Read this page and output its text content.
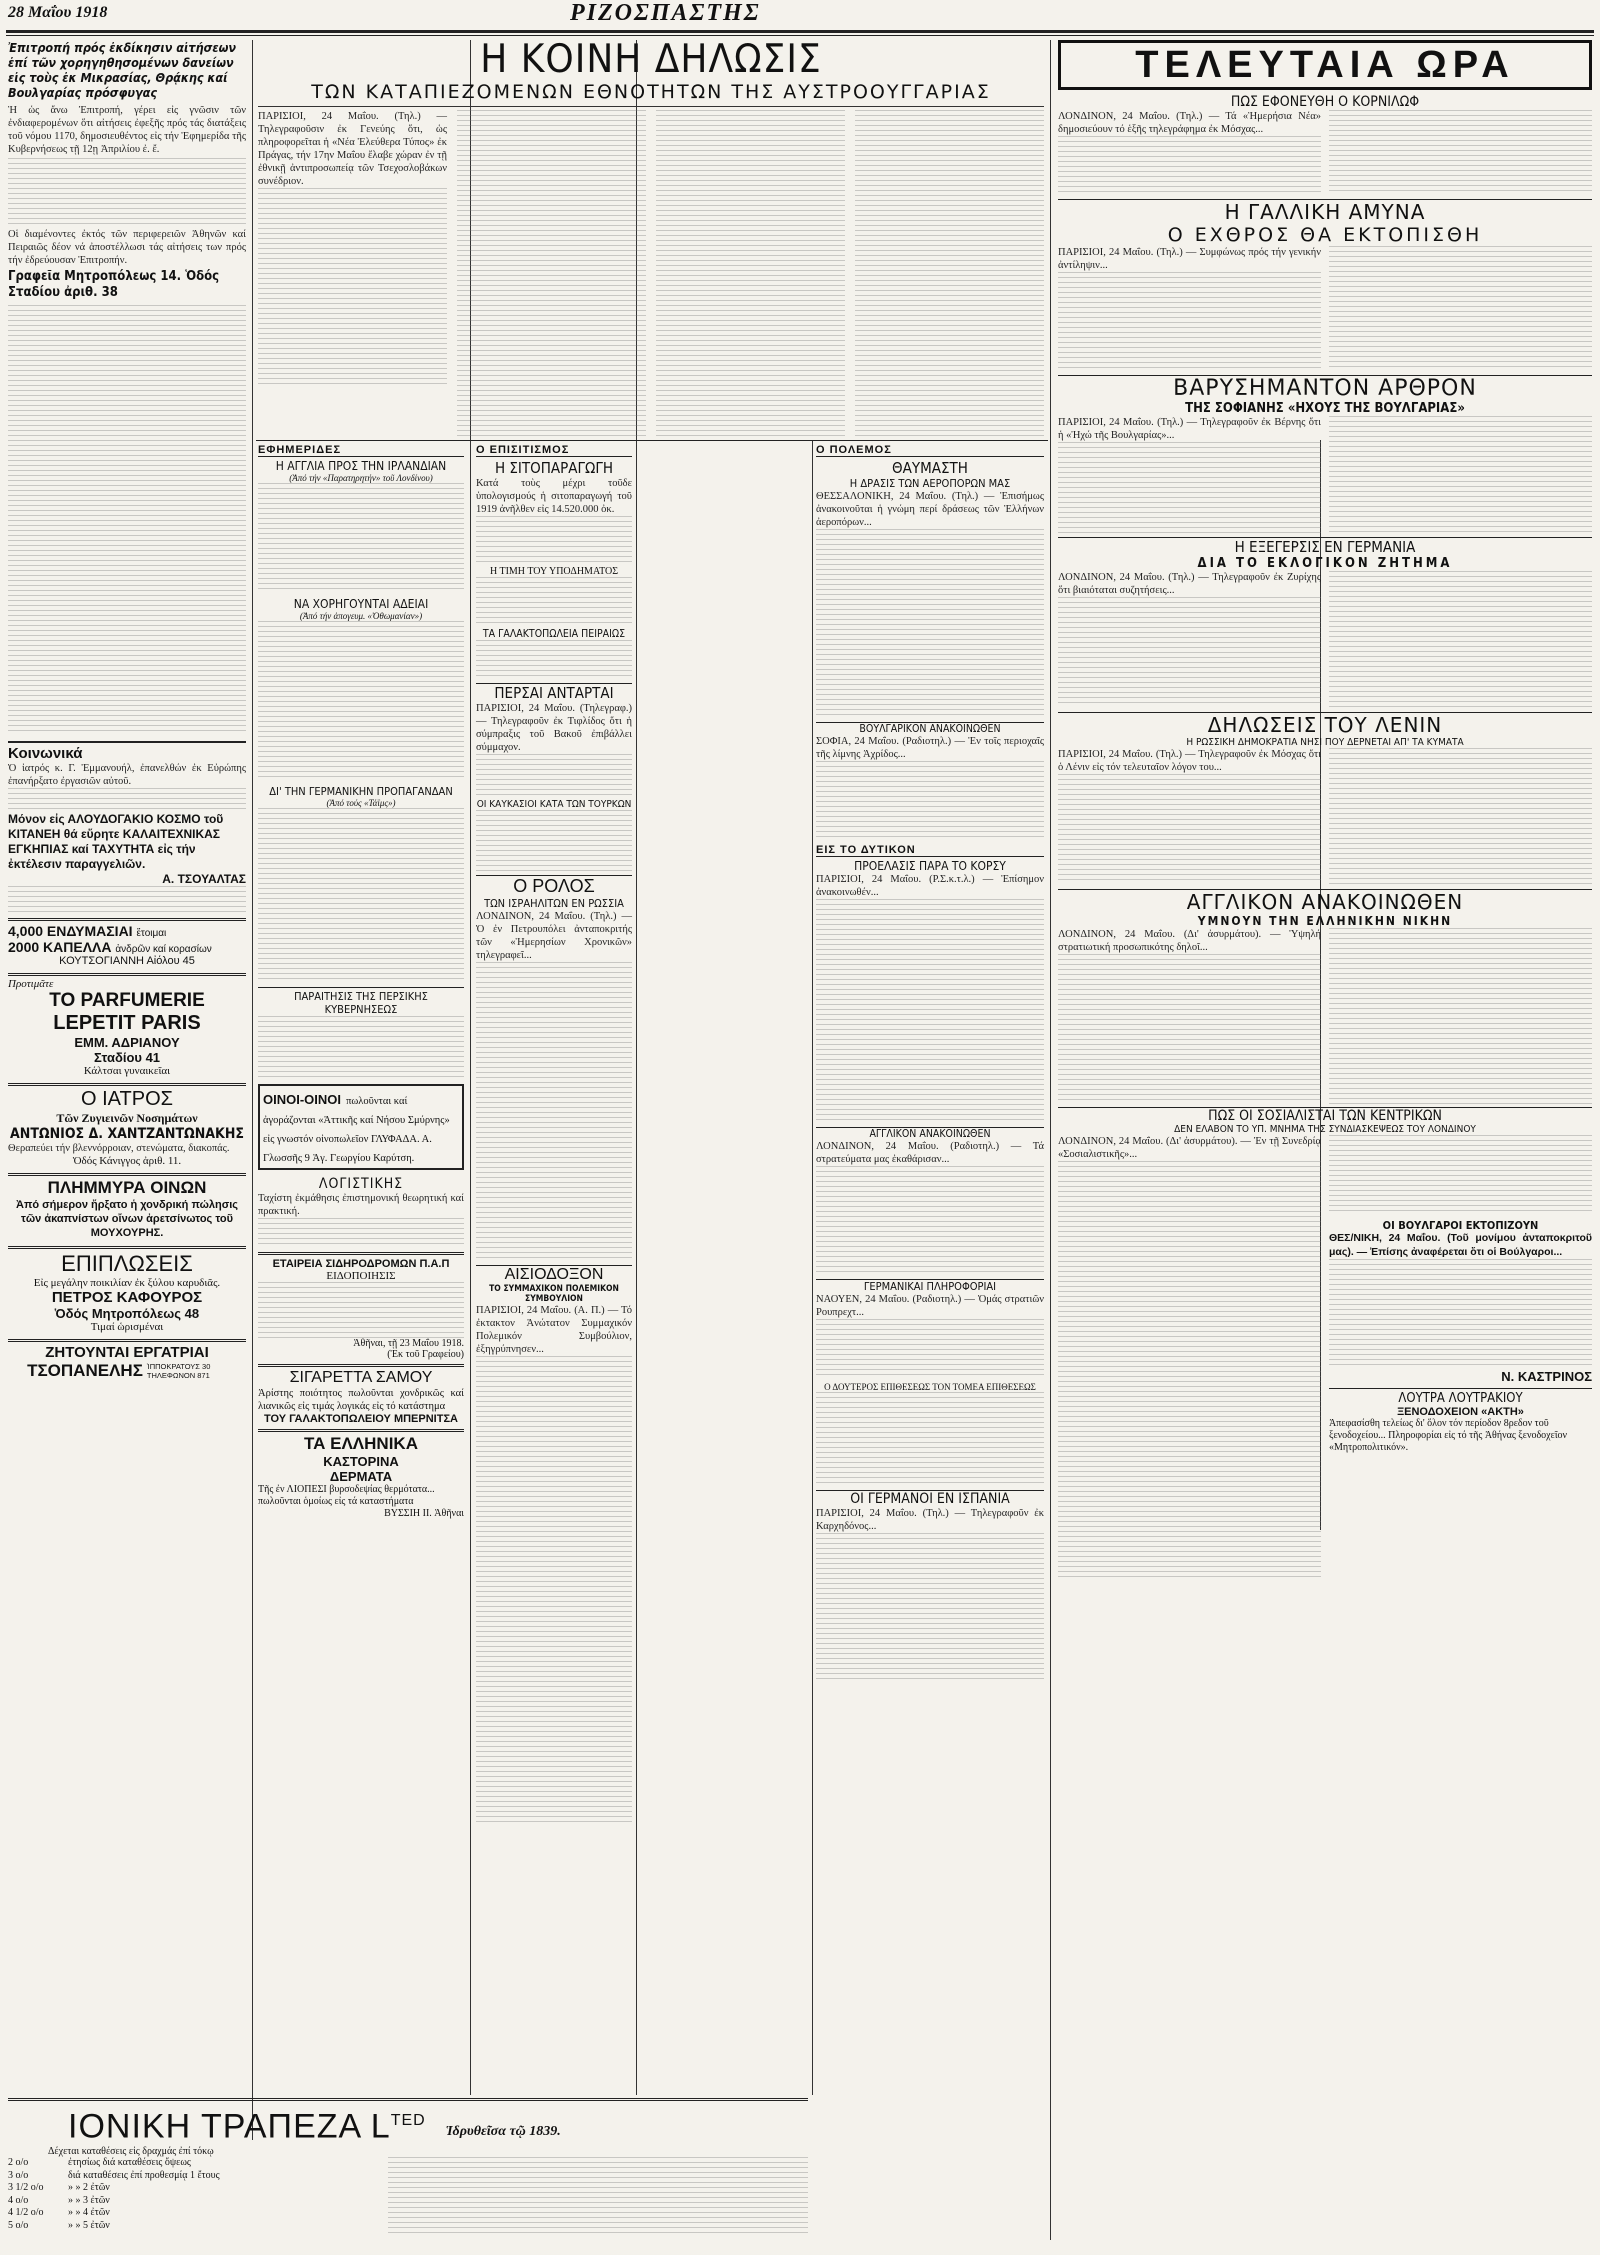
28 Μαΐου 1918	ΡΙΖΟΣΠΑΣΤΗΣ
Ἐπιτροπή πρός ἐκδίκησιν αἰτήσεων ἐπί τῶν χορηγηθησομένων δανείων εἰς τοὺς ἐκ Μικρασίας, Θρᾴκης καί Βουλγαρίας πρόσφυγας
Ἡ ὡς ἄνω Ἐπιτροπή, γέρει εἰς γνῶσιν τῶν ἐνδιαφερομένων ὅτι αἰτήσεις ἐφεξῆς πρός τάς διατάξεις τοῦ νόμου 1170, δημοσιευθέντος εἰς τήν Ἐφημερίδα τῆς Κυβερνήσεως τῇ 12ῃ Ἀπριλίου ἐ. ἔ.
Οἱ διαμένοντες ἐκτός τῶν περιφερειῶν Ἀθηνῶν καί Πειραιῶς δέον νά ἀποστέλλωσι τάς αἰτήσεις των πρός τήν ἐδρεύουσαν Ἐπιτροπήν.
Γραφεῖα Μητροπόλεως 14. Ὁδός Σταδίου ἀριθ. 38
Κοινωνικά
Ὁ ἰατρός κ. Γ. Ἐμμανουήλ, ἐπανελθών ἐκ Εὐρώπης ἐπανήρξατο ἐργασιῶν αὐτοῦ.
Μόνον εἰς ΑΛΟΥΔΟΓΑΚΙΟ ΚΟΣΜΟ τοῦ ΚΙΤΑΝΕΗ θά εὕρητε ΚΑΛΑΙΤΕΧΝΙΚΑΣ ΕΓΚΗΠΙΑΣ καί ΤΑΧΥΤΗΤΑ εἰς τήν ἐκτέλεσιν παραγγελιῶν.
Α. ΤΣΟΥΑΛΤΑΣ
4,000 ΕΝΔΥΜΑΣΙΑΙ ἕτοιμαι
2000 ΚΑΠΕΛΛΑ ἀνδρῶν καί κορασίων
ΚΟΥΤΣΟΓΙΑΝΝΗ Αἰόλου 45
Προτιμᾶτε
ΤΟ PARFUMERIE
LEPETIT PARIS
ΕΜΜ. ΑΔΡΙΑΝΟΥ
Σταδίου 41
Κάλτσαι γυναικεῖαι
Ο ΙΑΤΡΟΣ
Τῶν Ζυγιεινῶν Νοσημάτων
ΑΝΤΩΝΙΟΣ Δ. ΧΑΝΤΖΑΝΤΩΝΑΚΗΣ
Θεραπεύει τήν βλεννόρροιαν, στενώματα, διακοπάς.
Ὁδός Κάνιγγος ἀριθ. 11.
ΠΛΗΜΜΥΡΑ ΟΙΝΩΝ
Ἀπό σήμερον ἤρξατο ἡ χονδρική πώλησις τῶν ἀκαπνίστων οἴνων ἀρετσίνωτος τοῦ ΜΟΥΧΟΥΡΗΣ.
ΕΠΙΠΛΩΣΕΙΣ
Εἰς μεγάλην ποικιλίαν ἐκ ξύλου καρυδιᾶς.
ΠΕΤΡΟΣ ΚΑΦΟΥΡΟΣ
Ὁδός Μητροπόλεως 48
Τιμαί ὡρισμέναι
ΖΗΤΟΥΝΤΑΙ ΕΡΓΑΤΡΙΑΙ
ΤΣΟΠΑΝΕΛΗΣ ἹΠΠΟΚΡΑΤΟΥΣ 30 ΤΗΛΕΦΩΝΟΝ 871
Η ΚΟΙΝΗ ΔΗΛΩΣΙΣ
ΤΩΝ ΚΑΤΑΠΙΕΖΟΜΕΝΩΝ ΕΘΝΟΤΗΤΩΝ ΤΗΣ ΑΥΣΤΡΟΟΥΓΓΑΡΙΑΣ
ΠΑΡΙΣΙΟΙ, 24 Μαΐου. (Τηλ.) — Τηλεγραφοῦσιν ἐκ Γενεύης ὅτι, ὡς πληροφορεῖται ἡ «Νέα Ἐλεύθερα Τύπος» ἐκ Πράγας, τήν 17ην Μαΐου ἔλαβε χώραν ἐν τῇ ἐθνικῇ ἀντιπροσωπείᾳ τῶν Τσεχοσλοβάκων συνέδριον.
ΕΦΗΜΕΡΙΔΕΣ
Η ΑΓΓΛΙΑ ΠΡΟΣ ΤΗΝ ΙΡΛΑΝΔΙΑΝ
(Ἀπό τήν «Παρατηρητήν» τοῦ Λονδίνου)
ΝΑ ΧΟΡΗΓΟΥΝΤΑΙ ΑΔΕΙΑΙ
(Ἀπό τήν ἀπογευμ. «Ὀθωμανίαν»)
ΔΙ' ΤΗΝ ΓΕΡΜΑΝΙΚΗΝ ΠΡΟΠΑΓΑΝΔΑΝ
(Ἀπό τούς «Τάϊμς»)
ΠΑΡΑΙΤΗΣΙΣ ΤΗΣ ΠΕΡΣΙΚΗΣ ΚΥΒΕΡΝΗΣΕΩΣ
ΟΙΝΟΙ-ΟΙΝΟΙ πωλοῦνται καί ἀγοράζονται «Ἀττικῆς καί Νήσου Σμύρνης» εἰς γνωστόν οἰνοπωλεῖον ΓΛΥΦΑΔΑ. Α. Γλωσσῆς 9 Ἁγ. Γεωργίου Καρύτση.
ΛΟΓΙΣΤΙΚΗΣ
Ταχίστη ἐκμάθησις ἐπιστημονική θεωρητική καί πρακτική.
ΕΤΑΙΡΕΙΑ ΣΙΔΗΡΟΔΡΟΜΩΝ Π.Α.Π
ΕΙΔΟΠΟΙΗΣΙΣ
Ἀθῆναι, τῇ 23 Μαΐου 1918.
(Ἐκ τοῦ Γραφείου)
ΣΙΓΑΡΕΤΤΑ ΣΑΜΟΥ
Ἀρίστης ποιότητος πωλοῦνται χονδρικῶς καί λιανικῶς εἰς τιμάς λογικάς εἰς τό κατάστημα
ΤΟΥ ΓΑΛΑΚΤΟΠΩΛΕΙΟΥ ΜΠΕΡΝΙΤΣΑ
ΤΑ ΕΛΛΗΝΙΚΑ
ΚΑΣΤΟΡΙΝΑ
ΔΕΡΜΑΤΑ
Τῆς ἐν ΛΙΟΠΕΣΙ βυρσοδεψίας θερμότατα... πωλοῦνται ὁμοίως εἰς τά καταστήματα
ΒΥΣΣΙΗ ΙΙ. Ἀθῆναι
Ο ΕΠΙΣΙΤΙΣΜΟΣ
Η ΣΙΤΟΠΑΡΑΓΩΓΗ
Κατά τοὺς μέχρι τοῦδε ὑπολογισμούς ἡ σιτοπαραγωγή τοῦ 1919 ἀνῆλθεν εἰς 14.520.000 ὀκ.
Η ΤΙΜΗ ΤΟΥ ΥΠΟΔΗΜΑΤΟΣ
ΤΑ ΓΑΛΑΚΤΟΠΩΛΕΙΑ ΠΕΙΡΑΙΩΣ
ΠΕΡΣΑΙ ΑΝΤΑΡΤΑΙ
ΠΑΡΙΣΙΟΙ, 24 Μαΐου. (Τηλεγραφ.) — Τηλεγραφοῦν ἐκ Τιφλίδος ὅτι ἡ σύμπραξις τοῦ Βακοῦ ἐπιβάλλει σύμμαχον.
ΟΙ ΚΑΥΚΑΣΙΟΙ ΚΑΤΑ ΤΩΝ ΤΟΥΡΚΩΝ
Ο ΡΟΛΟΣ
ΤΩΝ ΙΣΡΑΗΛΙΤΩΝ ΕΝ ΡΩΣΣΙΑ
ΛΟΝΔΙΝΟΝ, 24 Μαΐου. (Τηλ.) — Ὁ ἐν Πετρουπόλει ἀνταποκριτής τῶν «Ἡμερησίων Χρονικῶν» τηλεγραφεῖ...
ΑΙΣΙΟΔΟΞΟΝ
ΤΟ ΣΥΜΜΑΧΙΚΟΝ ΠΟΛΕΜΙΚΟΝ ΣΥΜΒΟΥΛΙΟΝ
ΠΑΡΙΣΙΟΙ, 24 Μαΐου. (Α. Π.) — Τό ἐκτακτον Ἀνώτατον Συμμαχικόν Πολεμικόν Συμβούλιον, ἐξηγρύπνησεν...
Ο ΠΟΛΕΜΟΣ
ΘΑΥΜΑΣΤΗ
Η ΔΡΑΣΙΣ ΤΩΝ ΑΕΡΟΠΟΡΩΝ ΜΑΣ
ΘΕΣΣΑΛΟΝΙΚΗ, 24 Μαΐου. (Τηλ.) — Ἐπισήμως ἀνακοινοῦται ἡ γνώμη περί δράσεως τῶν Ἑλλήνων ἀεροπόρων...
ΒΟΥΛΓΑΡΙΚΟΝ ΑΝΑΚΟΙΝΩΘΕΝ
ΣΟΦΙΑ, 24 Μαΐου. (Ραδιοτηλ.) — Ἐν τοῖς περιοχαῖς τῆς λίμνης Ἀχρίδος...
ΕΙΣ ΤΟ ΔΥΤΙΚΟΝ
ΠΡΟΕΛΑΣΙΣ ΠΑΡΑ ΤΟ ΚΟΡΣΥ
ΠΑΡΙΣΙΟΙ, 24 Μαΐου. (Ρ.Σ.κ.τ.λ.) — Ἐπίσημον ἀνακοινωθέν...
ΑΓΓΛΙΚΟΝ ΑΝΑΚΟΙΝΩΘΕΝ
ΛΟΝΔΙΝΟΝ, 24 Μαΐου. (Ραδιοτηλ.) — Τά στρατεύματα μας ἐκαθάρισαν...
ΓΕΡΜΑΝΙΚΑΙ ΠΛΗΡΟΦΟΡΙΑΙ
ΝΑΟΥΕΝ, 24 Μαΐου. (Ραδιοτηλ.) — Ὁμάς στρατιῶν Ρουπρεχτ...
Ο ΔΟΥΤΕΡΟΣ ΕΠΙΘΕΣΕΩΣ ΤΟΝ ΤΟΜΕΑ ΕΠΙΘΕΣΕΩΣ
ΟΙ ΓΕΡΜΑΝΟΙ ΕΝ ΙΣΠΑΝΙΑ
ΠΑΡΙΣΙΟΙ, 24 Μαΐου. (Τηλ.) — Τηλεγραφοῦν ἐκ Καρχηδόνος...
ΤΕΛΕΥΤΑΙΑ ΩΡΑ
ΠΩΣ ΕΦΟΝΕΥΘΗ Ο ΚΟΡΝΙΛΩΦ
ΛΟΝΔΙΝΟΝ, 24 Μαΐου. (Τηλ.) — Τά «Ἡμερήσια Νέα» δημοσιεύουν τό ἑξῆς τηλεγράφημα ἐκ Μόσχας...
Η ΓΑΛΛΙΚΗ ΑΜΥΝΑ
Ο ΕΧΘΡΟΣ ΘΑ ΕΚΤΟΠΙΣΘΗ
ΠΑΡΙΣΙΟΙ, 24 Μαΐου. (Τηλ.) — Συμφώνως πρός τήν γενικήν ἀντίληψιν...
ΒΑΡΥΣΗΜΑΝΤΟΝ ΑΡΘΡΟΝ
ΤΗΣ ΣΟΦΙΑΝΗΣ «ΗΧΟΥΣ ΤΗΣ ΒΟΥΛΓΑΡΙΑΣ»
ΠΑΡΙΣΙΟΙ, 24 Μαΐου. (Τηλ.) — Τηλεγραφοῦν ἐκ Βέρνης ὅτι ἡ «Ἠχώ τῆς Βουλγαρίας»...
Η ΕΞΕΓΕΡΣΙΣ ΕΝ ΓΕΡΜΑΝΙΑ
ΔΙΑ ΤΟ ΕΚΛΟΓΙΚΟΝ ΖΗΤΗΜΑ
ΛΟΝΔΙΝΟΝ, 24 Μαΐου. (Τηλ.) — Τηλεγραφοῦν ἐκ Ζυρίχης ὅτι βιαιόταται συζητήσεις...
ΔΗΛΩΣΕΙΣ ΤΟΥ ΛΕΝΙΝ
Η ΡΩΣΣΙΚΗ ΔΗΜΟΚΡΑΤΙΑ ΝΗΣΙ ΠΟΥ ΔΕΡΝΕΤΑΙ ΑΠ' ΤΑ ΚΥΜΑΤΑ
ΠΑΡΙΣΙΟΙ, 24 Μαΐου. (Τηλ.) — Τηλεγραφοῦν ἐκ Μόσχας ὅτι ὁ Λένιν εἰς τόν τελευταῖον λόγον του...
ΑΓΓΛΙΚΟΝ ΑΝΑΚΟΙΝΩΘΕΝ
ΥΜΝΟΥΝ ΤΗΝ ΕΛΛΗΝΙΚΗΝ ΝΙΚΗΝ
ΛΟΝΔΙΝΟΝ, 24 Μαΐου. (Δι' ἀσυρμάτου). — Ὑψηλή στρατιωτική προσωπικότης δηλοῖ...
ΠΩΣ ΟΙ ΣΟΣΙΑΛΙΣΤΑΙ ΤΩΝ ΚΕΝΤΡΙΚΩΝ
ΔΕΝ ΕΛΑΒΟΝ ΤΟ ΥΠ. ΜΝΗΜΑ ΤΗΣ ΣΥΝΔΙΑΣΚΕΨΕΩΣ ΤΟΥ ΛΟΝΔΙΝΟΥ
ΛΟΝΔΙΝΟΝ, 24 Μαΐου. (Δι' ἀσυρμάτου). — Ἐν τῇ Συνεδρίᾳ «Σοσιαλιστικῆς»...
ΟΙ ΒΟΥΛΓΑΡΟΙ ΕΚΤΟΠΙΖΟΥΝ
ΘΕΣ/ΝΙΚΗ, 24 Μαΐου. (Τοῦ μονίμου ἀνταποκριτοῦ μας). — Ἐπίσης ἀναφέρεται ὅτι οἱ Βούλγαροι...
Ν. ΚΑΣΤΡΙΝΟΣ
ΛΟΥΤΡΑ ΛΟΥΤΡΑΚΙΟΥ
ΞΕΝΟΔΟΧΕΙΟΝ «ΑΚΤΗ»
Ἀπεφασίσθη τελείως δι' ὅλον τόν περίοδον 8ρεδον τοῦ ξενοδοχείου... Πληροφορίαι εἰς τό τῆς Ἀθήνας ξενοδοχεῖον «Μητροπολιτικόν».
ΙΟΝΙΚΗ ΤΡΑΠΕΖΑ $L^{TED}$
Ἱδρυθεῖσα τῷ 1839.
Δέχεται καταθέσεις εἰς δραχμάς ἐπί τόκῳ
2 ο/ο	ἐτησίως διά καταθέσεις ὄψεως
3 ο/ο	διά καταθέσεις ἐπί προθεσμίᾳ 1 ἔτους
3 1/2 ο/ο	» » 2 ἐτῶν
4 ο/ο	» » 3 ἐτῶν
4 1/2 ο/ο	» » 4 ἐτῶν
5 ο/ο	» » 5 ἐτῶν
